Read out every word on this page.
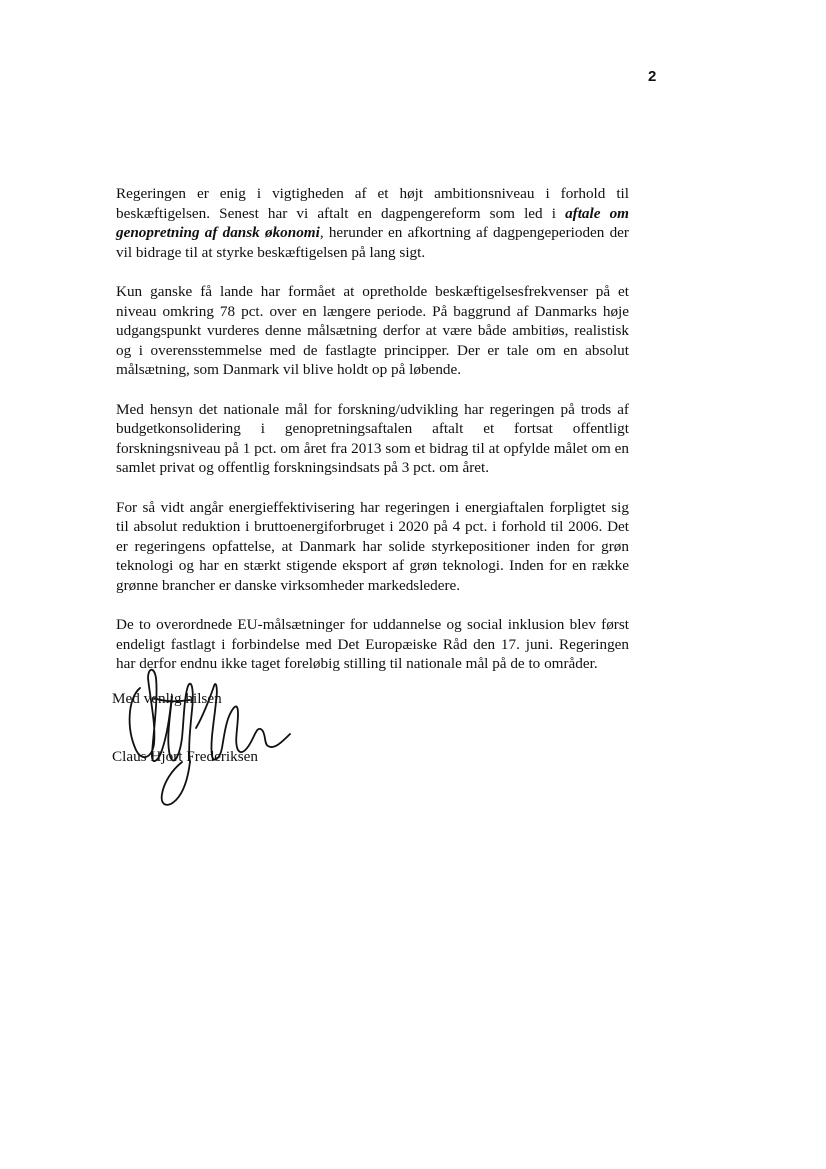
2

Regeringen er enig i vigtigheden af et højt ambitionsniveau i forhold til beskæftigelsen. Senest har vi aftalt en dagpengereform som led i aftale om genopretning af dansk økonomi, herunder en afkortning af dagpengeperioden der vil bidrage til at styrke beskæftigelsen på lang sigt.

Kun ganske få lande har formået at opretholde beskæftigelsesfrekvenser på et niveau omkring 78 pct. over en længere periode. På baggrund af Danmarks høje udgangspunkt vurderes denne målsætning derfor at være både ambitiøs, realistisk og i overensstemmelse med de fastlagte principper. Der er tale om en absolut målsætning, som Danmark vil blive holdt op på løbende.

Med hensyn det nationale mål for forskning/udvikling har regeringen på trods af budgetkonsolidering i genopretningsaftalen aftalt et fortsat offentligt forskningsniveau på 1 pct. om året fra 2013 som et bidrag til at opfylde målet om en samlet privat og offentlig forskningsindsats på 3 pct. om året.

For så vidt angår energieffektivisering har regeringen i energiaftalen forpligtet sig til absolut reduktion i bruttoenergiforbruget i 2020 på 4 pct. i forhold til 2006. Det er regeringens opfattelse, at Danmark har solide styrkepositioner inden for grøn teknologi og har en stærkt stigende eksport af grøn teknologi. Inden for en række grønne brancher er danske virksomheder markedsledere.

De to overordnede EU-målsætninger for uddannelse og social inklusion blev først endeligt fastlagt i forbindelse med Det Europæiske Råd den 17. juni. Regeringen har derfor endnu ikke taget foreløbig stilling til nationale mål på de to områder.

Med venlig hilsen
Claus Hjort Frederiksen
